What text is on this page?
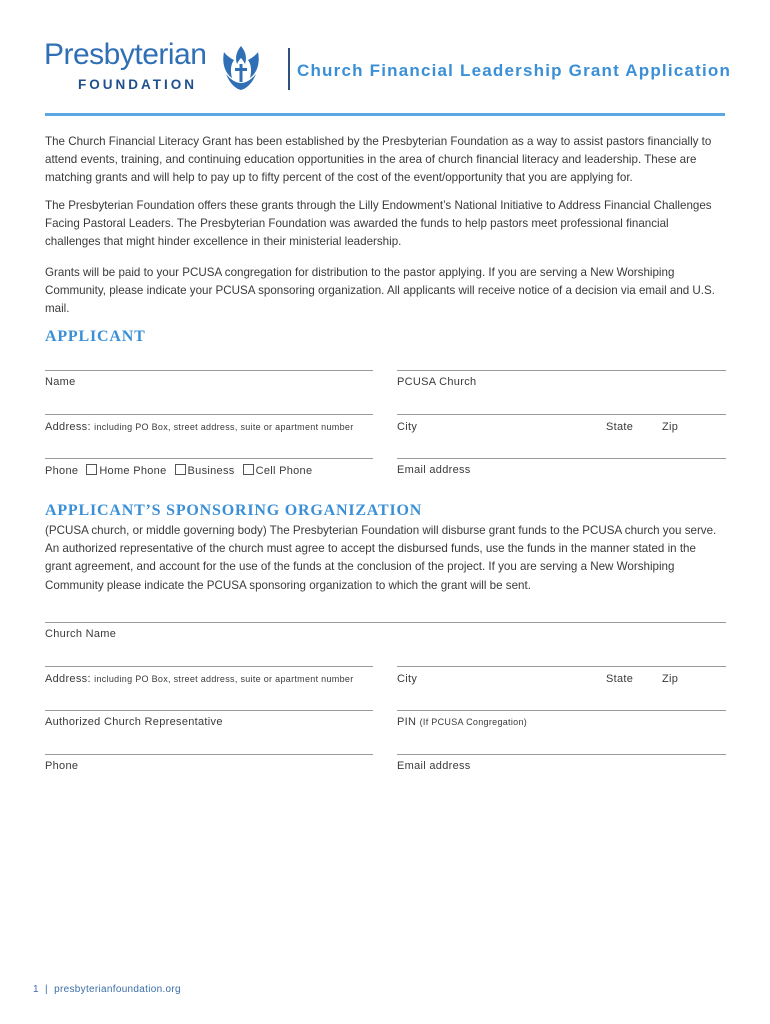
Presbyterian
FOUNDATION
Church Financial Leadership Grant Application
The Church Financial Literacy Grant has been established by the Presbyterian Foundation as a way to assist pastors financially to attend events, training, and continuing education opportunities in the area of church financial literacy and leadership. These are matching grants and will help to pay up to fifty percent of the cost of the event/opportunity that you are applying for.
The Presbyterian Foundation offers these grants through the Lilly Endowment’s National Initiative to Address Financial Challenges Facing Pastoral Leaders. The Presbyterian Foundation was awarded the funds to help pastors meet professional financial challenges that might hinder excellence in their ministerial leadership.
Grants will be paid to your PCUSA congregation for distribution to the pastor applying. If you are serving a New Worshiping Community, please indicate your PCUSA sponsoring organization. All applicants will receive notice of a decision via email and U.S. mail.
APPLICANT
Name	PCUSA Church
Address: including PO Box, street address, suite or apartment number	City	State	Zip
Phone Home Phone Business Cell Phone	Email address
APPLICANT’S SPONSORING ORGANIZATION
(PCUSA church, or middle governing body) The Presbyterian Foundation will disburse grant funds to the PCUSA church you serve. An authorized representative of the church must agree to accept the disbursed funds, use the funds in the manner stated in the grant agreement, and account for the use of the funds at the conclusion of the project. If you are serving a New Worshiping Community please indicate the PCUSA sponsoring organization to which the grant will be sent.
Church Name
Address: including PO Box, street address, suite or apartment number	City	State	Zip
Authorized Church Representative	PIN (If PCUSA Congregation)
Phone	Email address
1 | presbyterianfoundation.org
